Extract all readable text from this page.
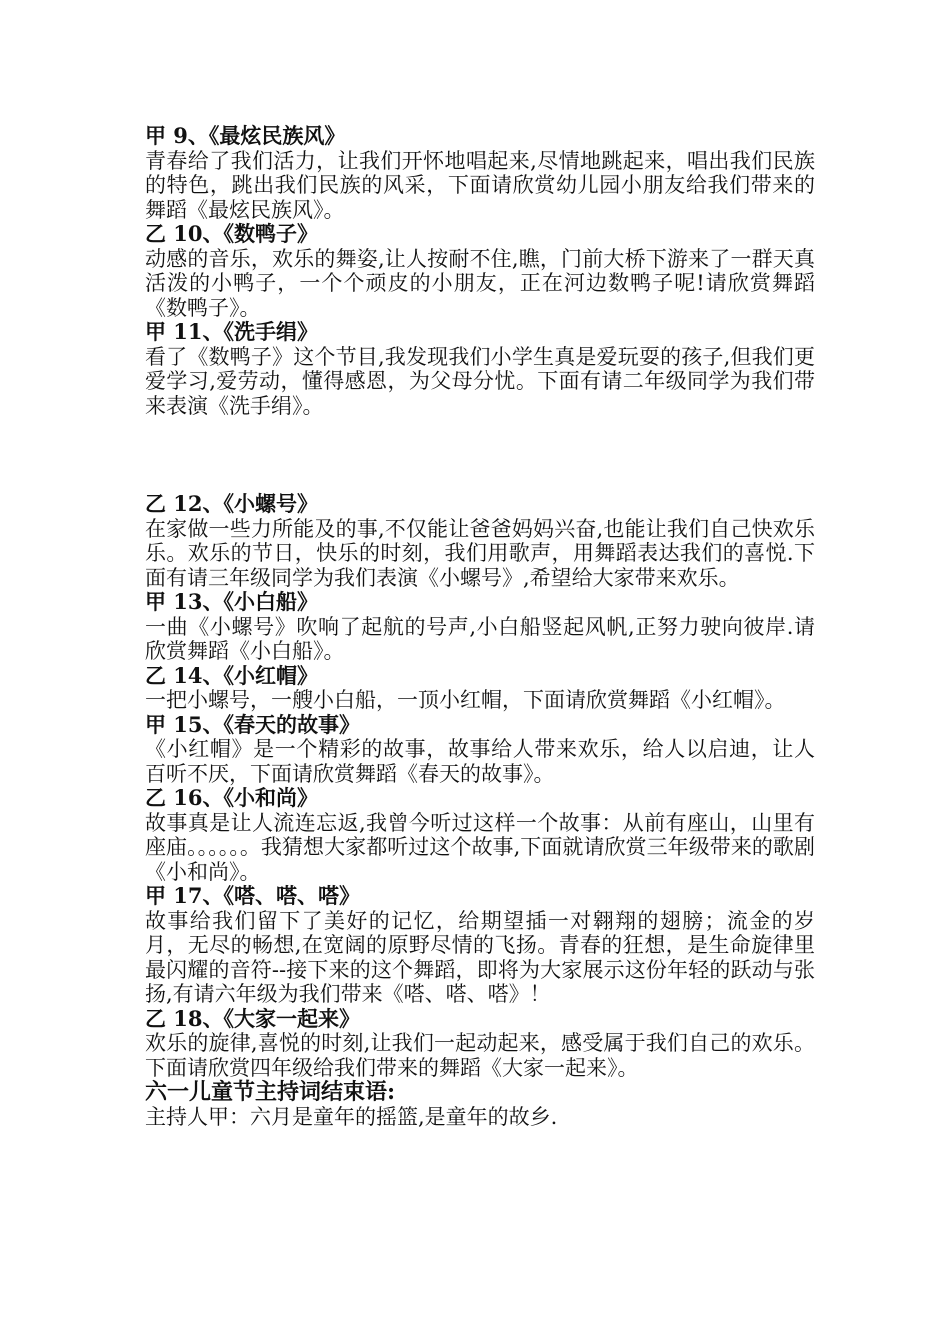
甲 9、《最炫民族风》
青春给了我们活力，让我们开怀地唱起来,尽情地跳起来，唱出我们民族的特色，跳出我们民族的风采，下面请欣赏幼儿园小朋友给我们带来的舞蹈《最炫民族风》。
乙 10、《数鸭子》
动感的音乐，欢乐的舞姿,让人按耐不住,瞧，门前大桥下游来了一群天真活泼的小鸭子，一个个顽皮的小朋友，正在河边数鸭子呢!请欣赏舞蹈《数鸭子》。
甲 11、《洗手绢》
看了《数鸭子》这个节目,我发现我们小学生真是爱玩耍的孩子,但我们更爱学习,爱劳动，懂得感恩，为父母分忧。下面有请二年级同学为我们带来表演《洗手绢》。
乙 12、《小螺号》
在家做一些力所能及的事,不仅能让爸爸妈妈兴奋,也能让我们自己快欢乐乐。欢乐的节日，快乐的时刻，我们用歌声，用舞蹈表达我们的喜悦.下面有请三年级同学为我们表演《小螺号》,希望给大家带来欢乐。
甲 13、《小白船》
一曲《小螺号》吹响了起航的号声,小白船竖起风帆,正努力驶向彼岸.请欣赏舞蹈《小白船》。
乙 14、《小红帽》
一把小螺号，一艘小白船，一顶小红帽，下面请欣赏舞蹈《小红帽》。
甲 15、《春天的故事》
《小红帽》是一个精彩的故事，故事给人带来欢乐，给人以启迪，让人百听不厌，下面请欣赏舞蹈《春天的故事》。
乙 16、《小和尚》
故事真是让人流连忘返,我曾今听过这样一个故事：从前有座山，山里有座庙。。。。。。我猜想大家都听过这个故事,下面就请欣赏三年级带来的歌剧《小和尚》。
甲 17、《嗒、嗒、嗒》
故事给我们留下了美好的记忆，给期望插一对翱翔的翅膀；流金的岁月，无尽的畅想,在宽阔的原野尽情的飞扬。青春的狂想，是生命旋律里最闪耀的音符--接下来的这个舞蹈，即将为大家展示这份年轻的跃动与张扬,有请六年级为我们带来《嗒、嗒、嗒》！
乙 18、《大家一起来》
欢乐的旋律,喜悦的时刻,让我们一起动起来，感受属于我们自己的欢乐。下面请欣赏四年级给我们带来的舞蹈《大家一起来》。
六一儿童节主持词结束语:
主持人甲：六月是童年的摇篮,是童年的故乡.
